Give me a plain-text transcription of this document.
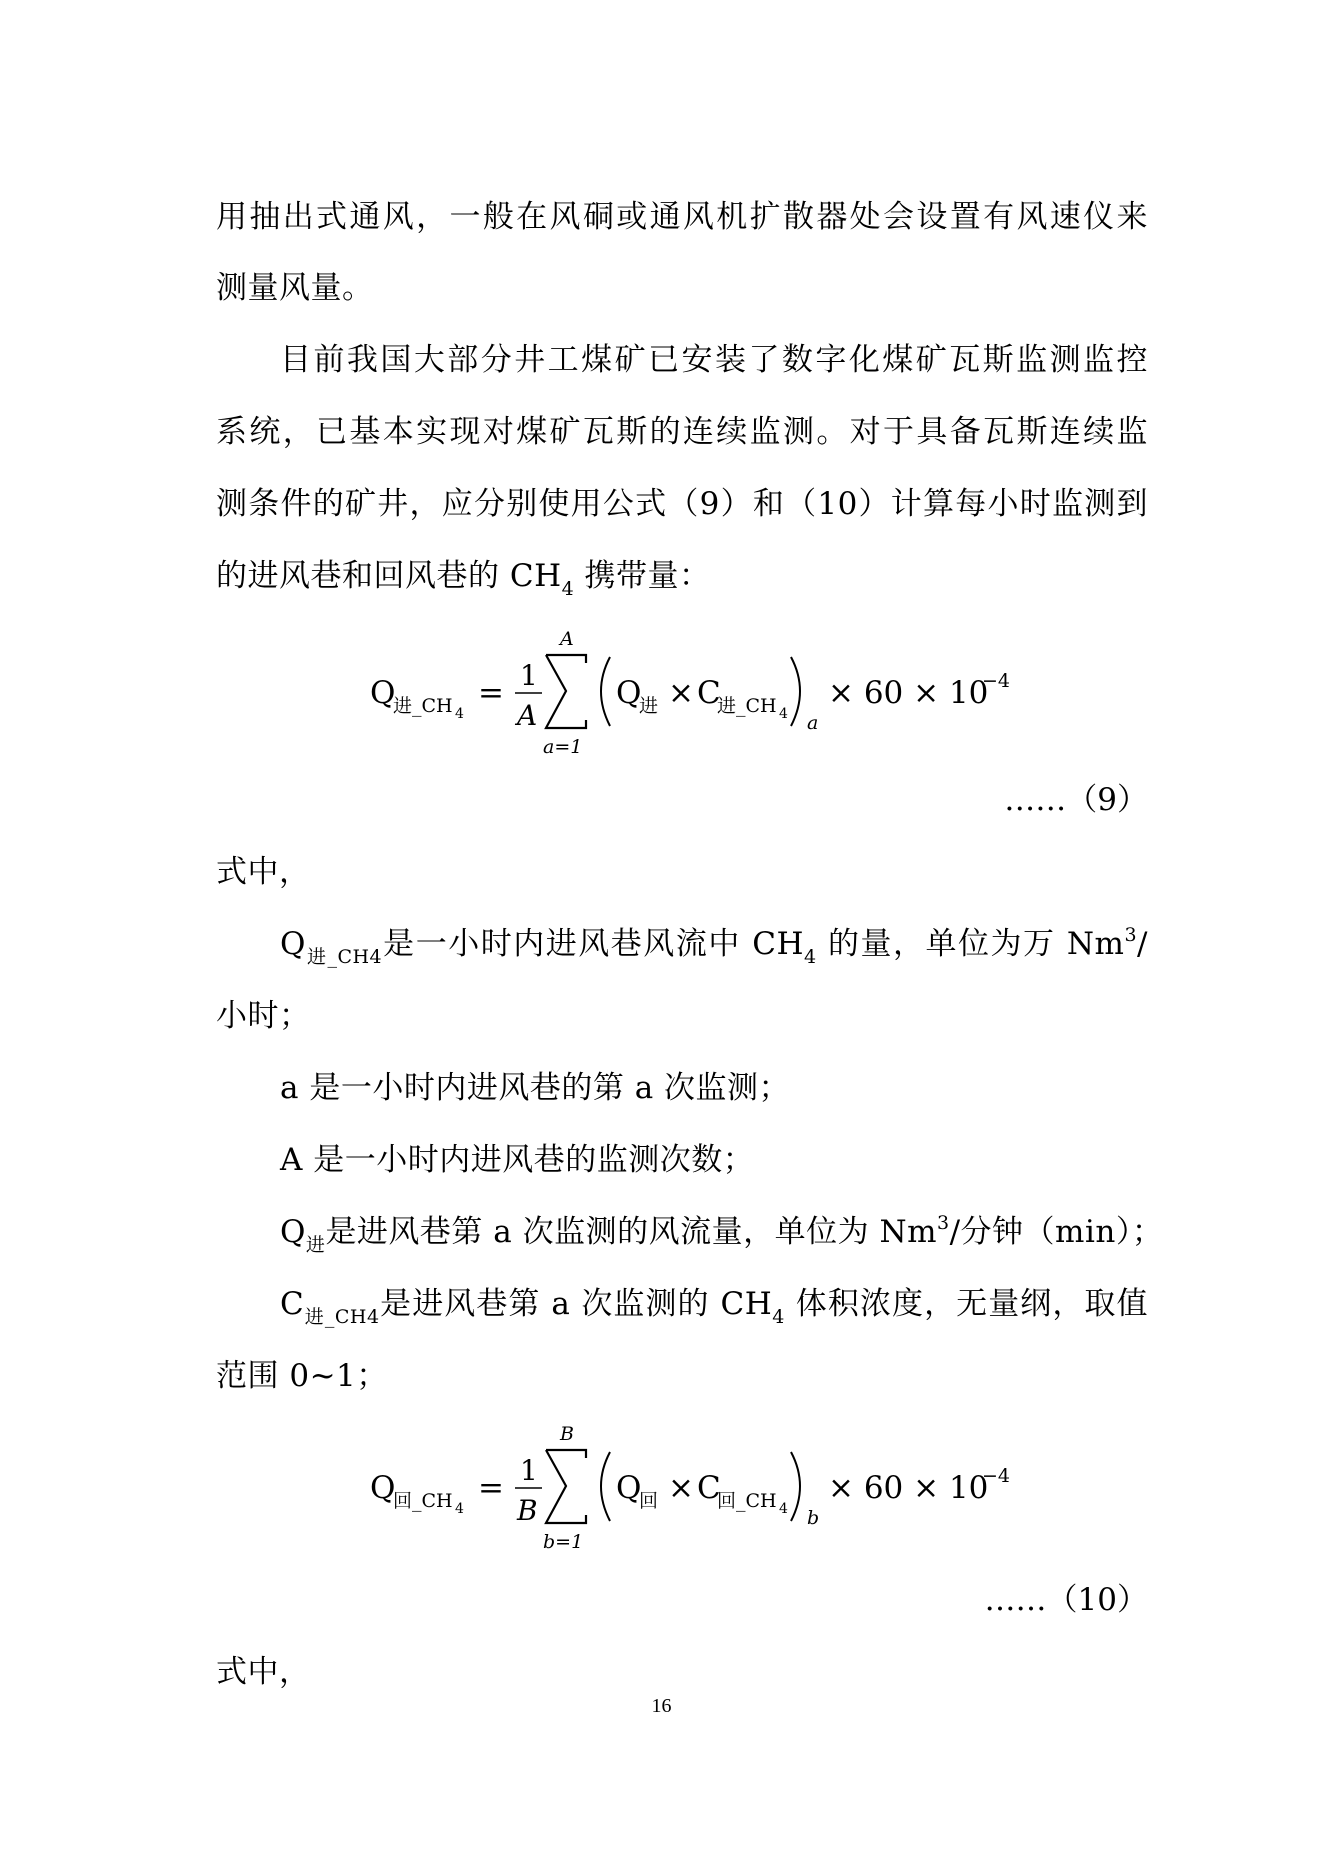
用抽出式通风，一般在风硐或通风机扩散器处会设置有风速仪来
测量风量。
目前我国大部分井工煤矿已安装了数字化煤矿瓦斯监测监控
系统，已基本实现对煤矿瓦斯的连续监测。对于具备瓦斯连续监
测条件的矿井，应分别使用公式（9）和（10）计算每小时监测到
的进风巷和回风巷的 $CH_4$ 携带量：
Q
进_CH 4
= 1
A
A
a=1
Q
进 × C
进_CH 4 a
× 60 × 10
−4
……（9）
式中，
$Q_{进\_CH4}$是一小时内进风巷风流中 $CH_4$ 的量，单位为万 Nm$^3$/
小时；
a 是一小时内进风巷的第 a 次监测；
A 是一小时内进风巷的监测次数；
$Q_进$是进风巷第 a 次监测的风流量，单位为 Nm$^3$/分钟（min）；
$C_{进\_CH4}$是进风巷第 a 次监测的 $CH_4$ 体积浓度，无量纲，取值
范围 0~1；
Q
回_CH 4
= 1
B
B
b=1
Q
回 × C
回_CH 4 b
× 60 × 10
−4
……（10）
式中，
16
